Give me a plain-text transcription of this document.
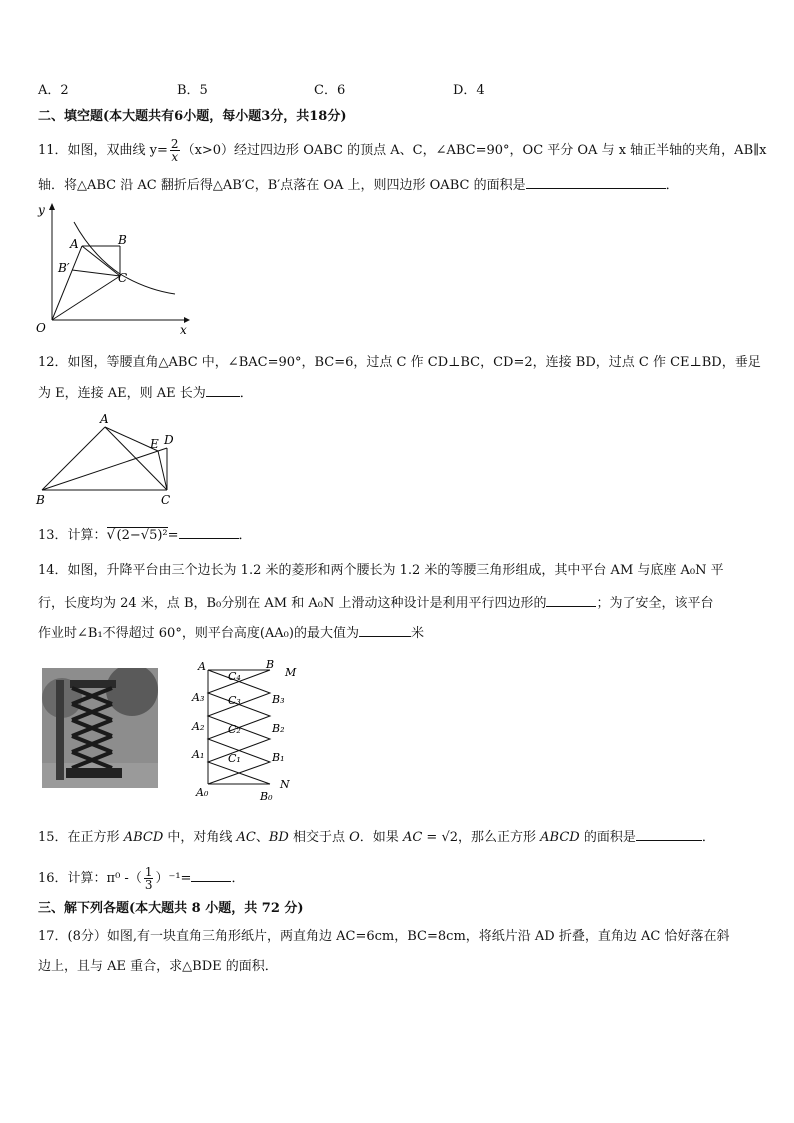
A．2	B．5	C．6	D．4
二、填空题(本大题共有6小题，每小题3分，共18分)
11．如图，双曲线 $y= \frac{2}{x} (x>0)$经过四边形 OABC 的顶点 A、C，∠ABC=90°，OC 平分 OA 与 x 轴正半轴的夹角，AB∥x
轴．将△ABC 沿 AC 翻折后得△AB′C，B′点落在 OA 上，则四边形 OABC 的面积是	．
y
x
O
A	B
B′
C
12．如图，等腰直角△ABC 中，∠BAC=90°，BC=6，过点 C 作 CD⊥BC，CD=2，连接 BD，过点 C 作 CE⊥BD，垂足
为 E，连接 AE，则 AE 长为	．
A
B	C
D
E
13．计算： √ (2−√5)²=	．
14．如图，升降平台由三个边长为 1.2 米的菱形和两个腰长为 1.2 米的等腰三角形组成，其中平台 AM 与底座 A₀N 平
行，长度均为 24 米，点 B，B₀分别在 AM 和 A₀N 上滑动这种设计是利用平行四边形的	；为了安全，该平台
作业时∠B₁不得超过 60°，则平台高度(AA₀)的最大值为	米
A	B
M
C₄
A₃ C₃	B₃
A₂ C₂	B₂
A₁ C₁	B₁
A₀
N
B₀
15．在正方形 ABCD 中，对角线 AC、BD 相交于点 O．如果 AC = √2，那么正方形 ABCD 的面积是	．
16．计算：π⁰ -（ $\frac{1}{3} )^{-1}=$	．
三、解下列各题(本大题共 8 小题，共 72 分)
17．(8分）如图,有一块直角三角形纸片，两直角边 AC=6cm，BC=8cm，将纸片沿 AD 折叠，直角边 AC 恰好落在斜
边上，且与 AE 重合，求△BDE 的面积．
